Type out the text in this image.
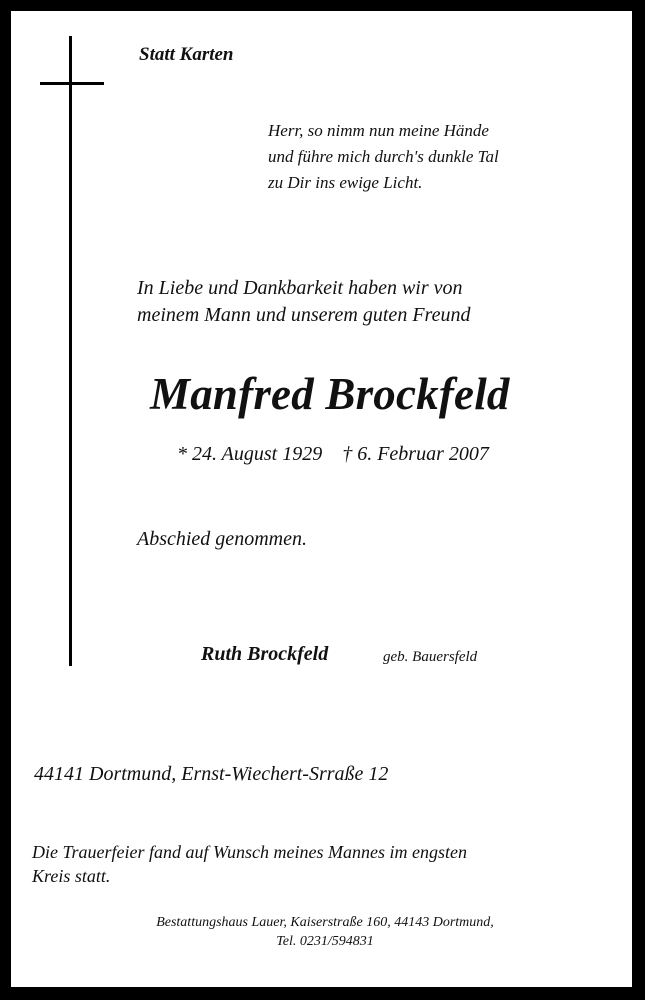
Statt Karten
Herr, so nimm nun meine Hände
und führe mich durch's dunkle Tal
zu Dir ins ewige Licht.
In Liebe und Dankbarkeit haben wir von
meinem Mann und unserem guten Freund
Manfred Brockfeld
* 24. August 1929 † 6. Februar 2007
Abschied genommen.
Ruth Brockfeld	geb. Bauersfeld
44141 Dortmund, Ernst-Wiechert-Srraße 12
Die Trauerfeier fand auf Wunsch meines Mannes im engsten
Kreis statt.
Bestattungshaus Lauer, Kaiserstraße 160, 44143 Dortmund,
Tel. 0231/594831
